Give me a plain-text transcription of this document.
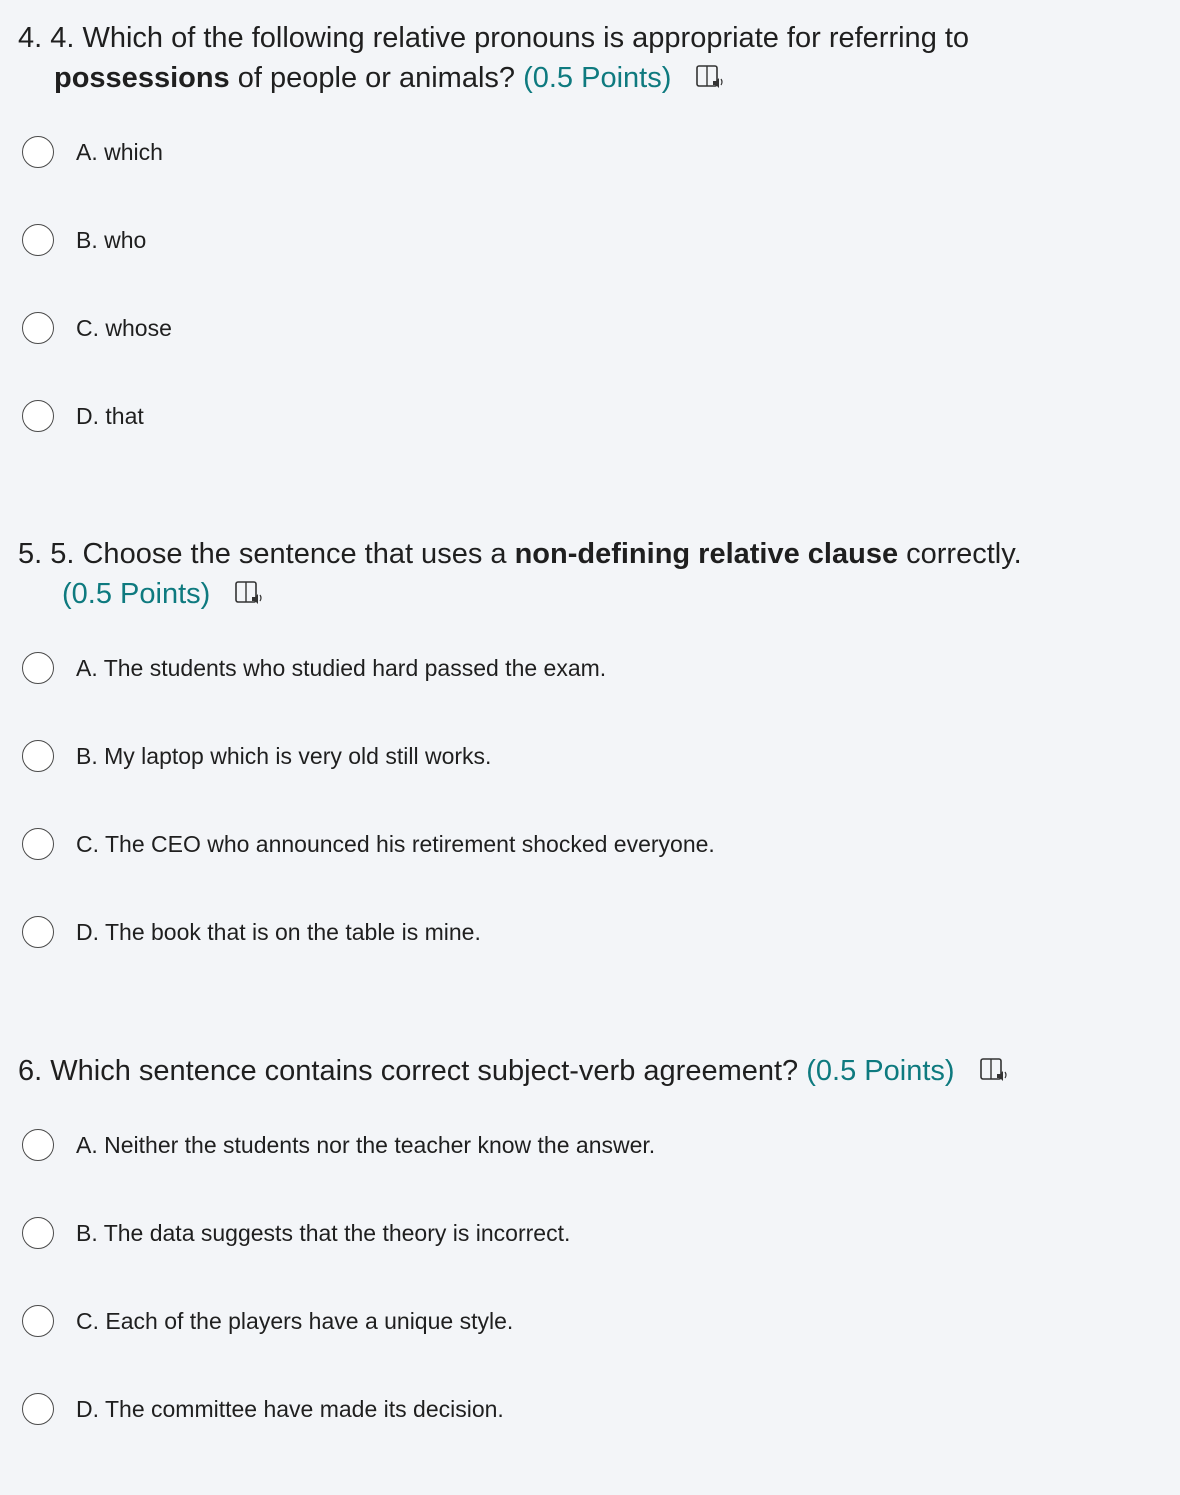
4. 4. Which of the following relative pronouns is appropriate for referring to
possessions of people or animals? (0.5 Points)
A. which
B. who
C. whose
D. that
5. 5. Choose the sentence that uses a non-defining relative clause correctly.
(0.5 Points)
A. The students who studied hard passed the exam.
B. My laptop which is very old still works.
C. The CEO who announced his retirement shocked everyone.
D. The book that is on the table is mine.
6. Which sentence contains correct subject-verb agreement? (0.5 Points)
A. Neither the students nor the teacher know the answer.
B. The data suggests that the theory is incorrect.
C. Each of the players have a unique style.
D. The committee have made its decision.
